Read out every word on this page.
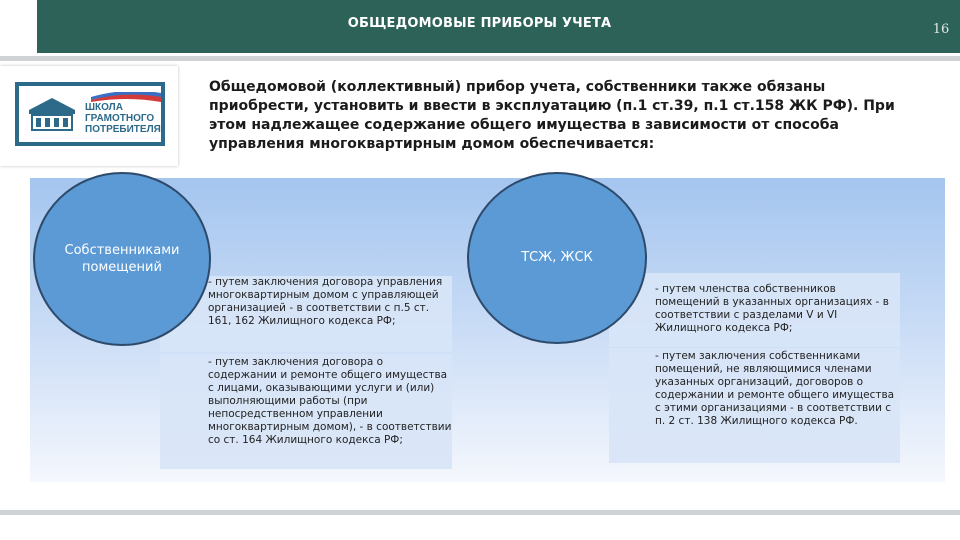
ОБЩЕДОМОВЫЕ ПРИБОРЫ УЧЕТА	16
ШКОЛА
ГРАМОТНОГО
ПОТРЕБИТЕЛЯ
Общедомовой (коллективный) прибор учета, собственники также обязаны приобрести, установить и ввести в эксплуатацию (п.1 ст.39, п.1 ст.158 ЖК РФ). При этом надлежащее содержание общего имущества в зависимости от способа управления многоквартирным домом обеспечивается:

- путем заключения договора управления многоквартирным домом с управляющей организацией - в соответствии с п.5 ст. 161, 162 Жилищного кодекса РФ;

- путем заключения договора о содержании и ремонте общего имущества с лицами, оказывающими услуги и (или) выполняющими работы (при непосредственном управлении многоквартирным домом), - в соответствии со ст. 164 Жилищного кодекса РФ;

- путем членства собственников помещений в указанных организациях - в соответствии с разделами V и VI Жилищного кодекса РФ;

- путем заключения собственниками помещений, не являющимися членами указанных организаций, договоров о содержании и ремонте общего имущества с этими организациями - в соответствии с п. 2 ст. 138 Жилищного кодекса РФ.

Собственниками помещений
ТСЖ, ЖСК
